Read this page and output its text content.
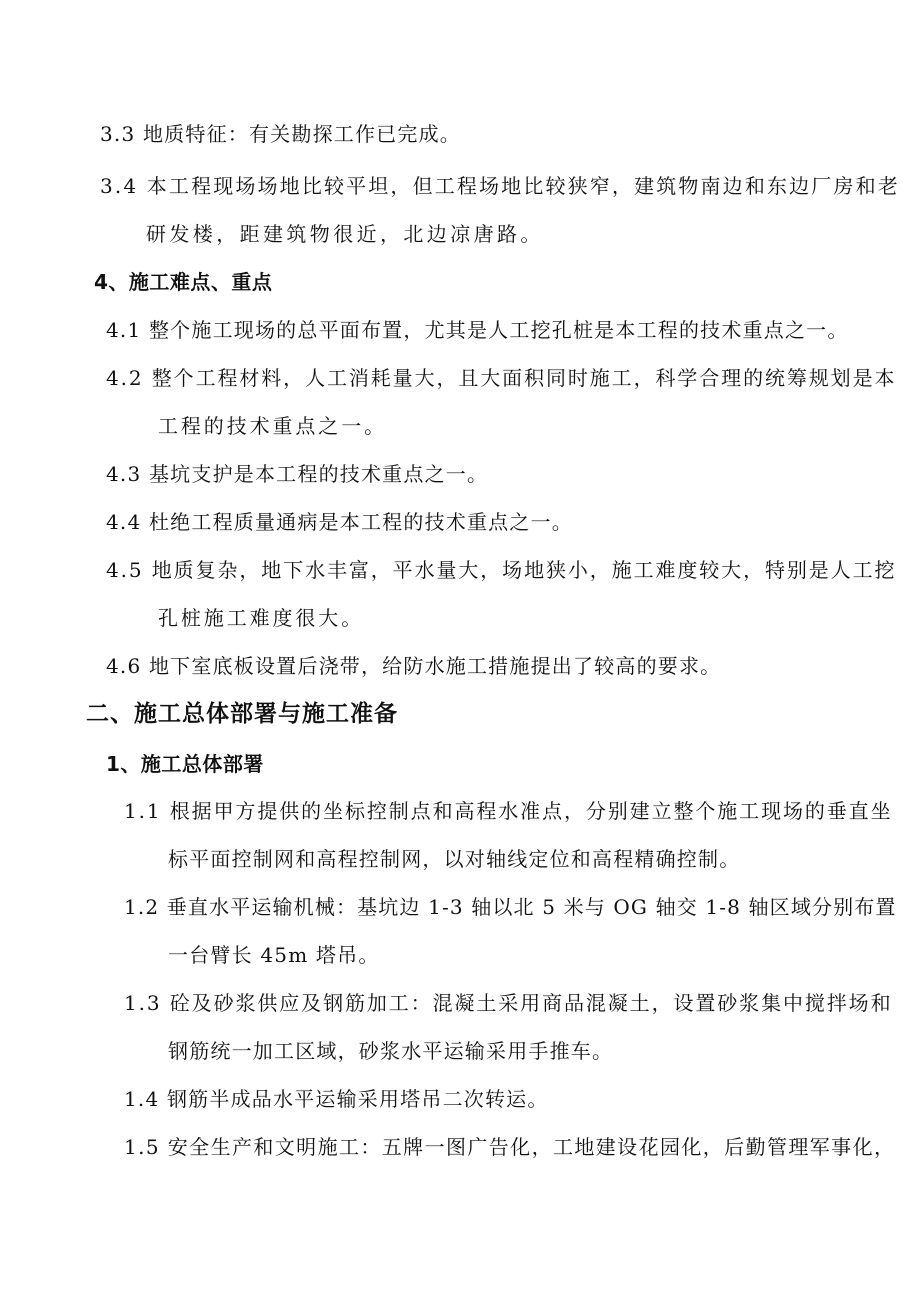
3.3 地质特征：有关勘探工作已完成。
3.4 本工程现场场地比较平坦，但工程场地比较狭窄，建筑物南边和东边厂房和老
研发楼，距建筑物很近，北边凉唐路。
4、施工难点、重点
4.1 整个施工现场的总平面布置，尤其是人工挖孔桩是本工程的技术重点之一。
4.2 整个工程材料，人工消耗量大，且大面积同时施工，科学合理的统筹规划是本
工程的技术重点之一。
4.3 基坑支护是本工程的技术重点之一。
4.4 杜绝工程质量通病是本工程的技术重点之一。
4.5 地质复杂，地下水丰富，平水量大，场地狭小，施工难度较大，特别是人工挖
孔桩施工难度很大。
4.6 地下室底板设置后浇带，给防水施工措施提出了较高的要求。
二、施工总体部署与施工准备
1、施工总体部署
1.1 根据甲方提供的坐标控制点和高程水准点，分别建立整个施工现场的垂直坐
标平面控制网和高程控制网，以对轴线定位和高程精确控制。
1.2 垂直水平运输机械：基坑边 1-3 轴以北 5 米与 OG 轴交 1-8 轴区域分别布置
一台臂长 45m 塔吊。
1.3 砼及砂浆供应及钢筋加工：混凝土采用商品混凝土，设置砂浆集中搅拌场和
钢筋统一加工区域，砂浆水平运输采用手推车。
1.4 钢筋半成品水平运输采用塔吊二次转运。
1.5 安全生产和文明施工：五牌一图广告化，工地建设花园化，后勤管理军事化，
